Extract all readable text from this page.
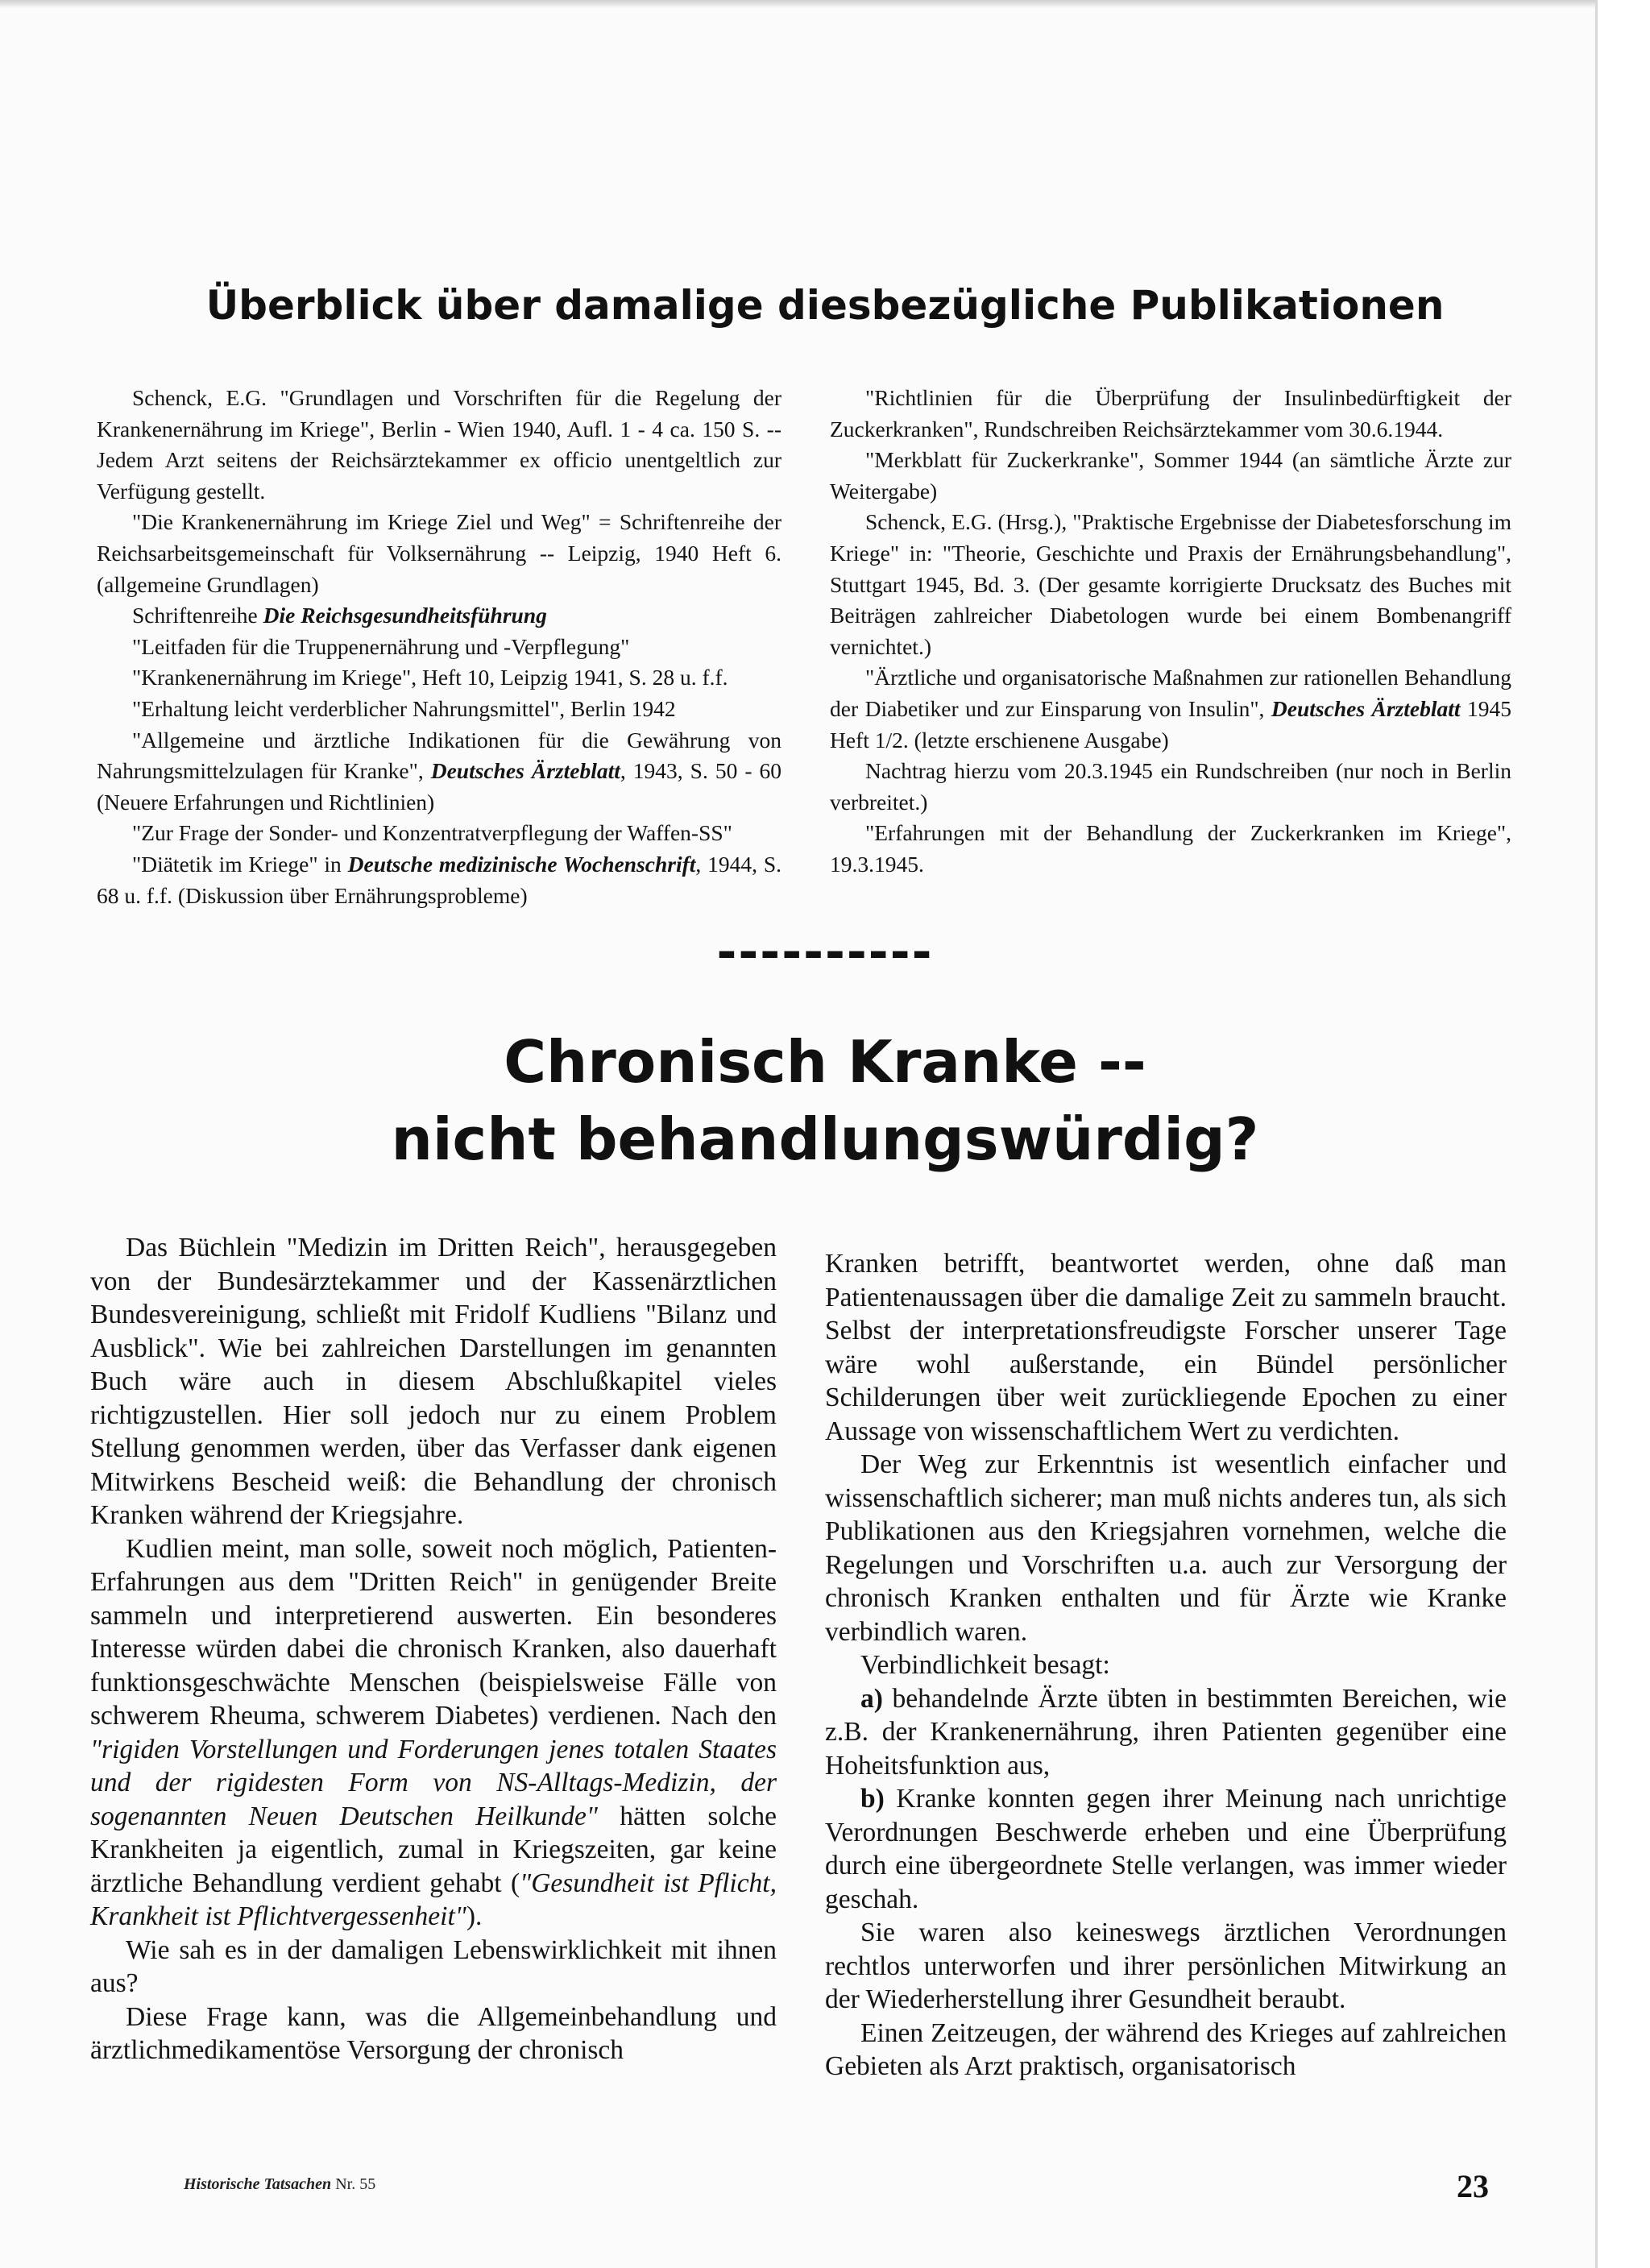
Überblick über damalige diesbezügliche Publikationen

Schenck, E.G. "Grundlagen und Vorschriften für die Regelung der Krankenernährung im Kriege", Berlin - Wien 1940, Aufl. 1 - 4 ca. 150 S. -- Jedem Arzt seitens der Reichsärztekammer ex officio unentgeltlich zur Verfügung gestellt.

"Die Krankenernährung im Kriege Ziel und Weg" = Schriftenreihe der Reichsarbeitsgemeinschaft für Volksernährung -- Leipzig, 1940 Heft 6. (allgemeine Grundlagen)

Schriftenreihe Die Reichsgesundheitsführung

"Leitfaden für die Truppenernährung und -Verpflegung"

"Krankenernährung im Kriege", Heft 10, Leipzig 1941, S. 28 u. f.f.

"Erhaltung leicht verderblicher Nahrungsmittel", Berlin 1942

"Allgemeine und ärztliche Indikationen für die Gewährung von Nahrungsmittelzulagen für Kranke", Deutsches Ärzteblatt, 1943, S. 50 - 60 (Neuere Erfahrungen und Richtlinien)

"Zur Frage der Sonder- und Konzentratverpflegung der Waffen-SS"

"Diätetik im Kriege" in Deutsche medizinische Wochenschrift, 1944, S. 68 u. f.f. (Diskussion über Ernährungsprobleme)

"Richtlinien für die Überprüfung der Insulinbedürftigkeit der Zuckerkranken", Rundschreiben Reichsärztekammer vom 30.6.1944.

"Merkblatt für Zuckerkranke", Sommer 1944 (an sämtliche Ärzte zur Weitergabe)

Schenck, E.G. (Hrsg.), "Praktische Ergebnisse der Diabetesforschung im Kriege" in: "Theorie, Geschichte und Praxis der Ernährungsbehandlung", Stuttgart 1945, Bd. 3. (Der gesamte korrigierte Drucksatz des Buches mit Beiträgen zahlreicher Diabetologen wurde bei einem Bombenangriff vernichtet.)

"Ärztliche und organisatorische Maßnahmen zur rationellen Behandlung der Diabetiker und zur Einsparung von Insulin", Deutsches Ärzteblatt 1945 Heft 1/2. (letzte erschienene Ausgabe)

Nachtrag hierzu vom 20.3.1945 ein Rundschreiben (nur noch in Berlin verbreitet.)

"Erfahrungen mit der Behandlung der Zuckerkranken im Kriege", 19.3.1945.

----------
Chronisch Kranke --
nicht behandlungswürdig?

Das Büchlein "Medizin im Dritten Reich", herausgegeben von der Bundesärztekammer und der Kassenärztlichen Bundesvereinigung, schließt mit Fridolf Kudliens "Bilanz und Ausblick". Wie bei zahlreichen Darstellungen im genannten Buch wäre auch in diesem Abschlußkapitel vieles richtigzustellen. Hier soll jedoch nur zu einem Problem Stellung genommen werden, über das Verfasser dank eigenen Mitwirkens Bescheid weiß: die Behandlung der chronisch Kranken während der Kriegsjahre.

Kudlien meint, man solle, soweit noch möglich, Patienten-Erfahrungen aus dem "Dritten Reich" in genügender Breite sammeln und interpretierend auswerten. Ein besonderes Interesse würden dabei die chronisch Kranken, also dauerhaft funktionsgeschwächte Menschen (beispielsweise Fälle von schwerem Rheuma, schwerem Diabetes) verdienen. Nach den "rigiden Vorstellungen und Forderungen jenes totalen Staates und der rigidesten Form von NS-Alltags-Medizin, der sogenannten Neuen Deutschen Heilkunde" hätten solche Krankheiten ja eigentlich, zumal in Kriegszeiten, gar keine ärztliche Behandlung verdient gehabt ("Gesundheit ist Pflicht, Krankheit ist Pflichtvergessenheit").

Wie sah es in der damaligen Lebenswirklichkeit mit ihnen aus?

Diese Frage kann, was die Allgemeinbehandlung und ärztlichmedikamentöse Versorgung der chronisch

Kranken betrifft, beantwortet werden, ohne daß man Patientenaussagen über die damalige Zeit zu sammeln braucht. Selbst der interpretationsfreudigste Forscher unserer Tage wäre wohl außerstande, ein Bündel persönlicher Schilderungen über weit zurückliegende Epochen zu einer Aussage von wissenschaftlichem Wert zu verdichten.

Der Weg zur Erkenntnis ist wesentlich einfacher und wissenschaftlich sicherer; man muß nichts anderes tun, als sich Publikationen aus den Kriegsjahren vornehmen, welche die Regelungen und Vorschriften u.a. auch zur Versorgung der chronisch Kranken enthalten und für Ärzte wie Kranke verbindlich waren.

Verbindlichkeit besagt:

a) behandelnde Ärzte übten in bestimmten Bereichen, wie z.B. der Krankenernährung, ihren Patienten gegenüber eine Hoheitsfunktion aus,

b) Kranke konnten gegen ihrer Meinung nach unrichtige Verordnungen Beschwerde erheben und eine Überprüfung durch eine übergeordnete Stelle verlangen, was immer wieder geschah.

Sie waren also keineswegs ärztlichen Verordnungen rechtlos unterworfen und ihrer persönlichen Mitwirkung an der Wiederherstellung ihrer Gesundheit beraubt.

Einen Zeitzeugen, der während des Krieges auf zahlreichen Gebieten als Arzt praktisch, organisatorisch

Historische Tatsachen Nr. 55	23
